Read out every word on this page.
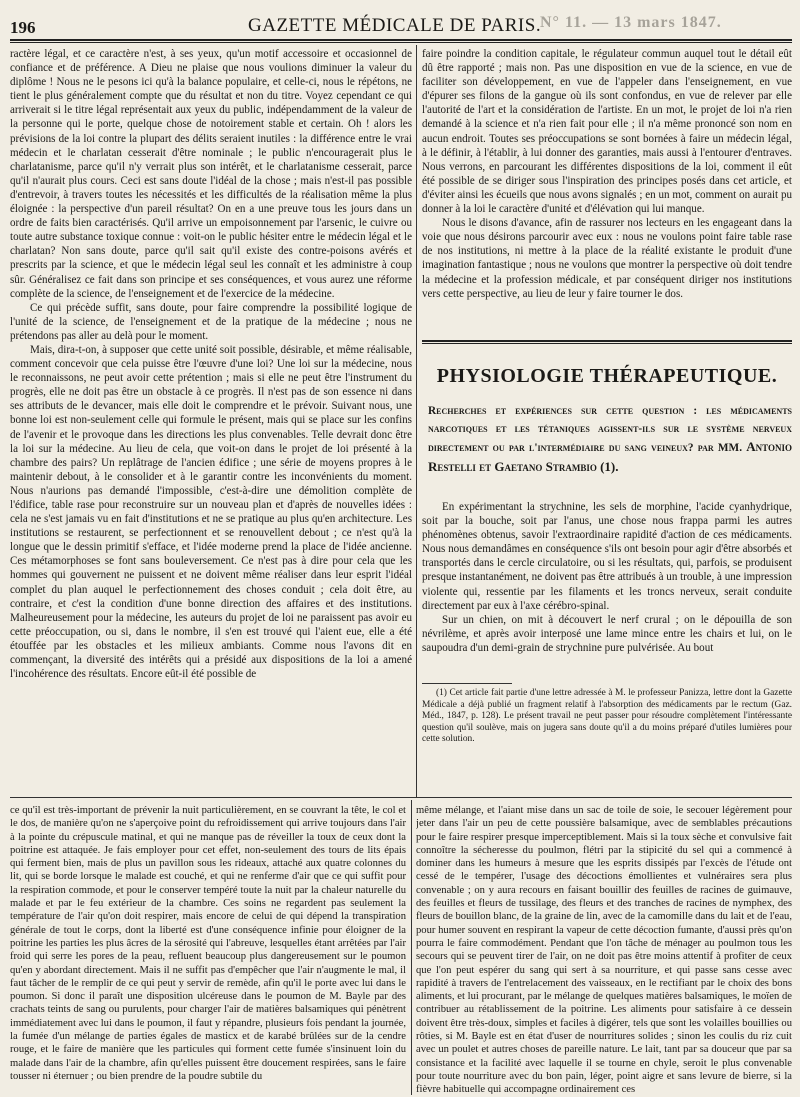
196	GAZETTE MÉDICALE DE PARIS.
N° 11. — 13 mars 1847.

ractère légal, et ce caractère n'est, à ses yeux, qu'un motif accessoire et occasionnel de confiance et de préférence. A Dieu ne plaise que nous voulions diminuer la valeur du diplôme ! Nous ne le pesons ici qu'à la balance populaire, et celle-ci, nous le répétons, ne tient le plus généralement compte que du résultat et non du titre. Voyez cependant ce qui arriverait si le titre légal représentait aux yeux du public, indépendamment de la valeur de la personne qui le porte, quelque chose de notoirement stable et certain. Oh ! alors les prévisions de la loi contre la plupart des délits seraient inutiles : la différence entre le vrai médecin et le charlatan cesserait d'être nominale ; le public n'encouragerait plus le charlatanisme, parce qu'il n'y verrait plus son intérêt, et le charlatanisme cesserait, parce qu'il n'aurait plus cours. Ceci est sans doute l'idéal de la chose ; mais n'est-il pas possible d'entrevoir, à travers toutes les nécessités et les difficultés de la réalisation même la plus éloignée : la perspective d'un pareil résultat? On en a une preuve tous les jours dans un ordre de faits bien caractérisés. Qu'il arrive un empoisonnement par l'arsenic, le cuivre ou toute autre substance toxique connue : voit-on le public hésiter entre le médecin légal et le charlatan? Non sans doute, parce qu'il sait qu'il existe des contre-poisons avérés et prescrits par la science, et que le médecin légal seul les connaît et les administre à coup sûr. Généralisez ce fait dans son principe et ses conséquences, et vous aurez une réforme complète de la science, de l'enseignement et de l'exercice de la médecine.

Ce qui précède suffit, sans doute, pour faire comprendre la possibilité logique de l'unité de la science, de l'enseignement et de la pratique de la médecine ; nous ne prétendons pas aller au delà pour le moment.

Mais, dira-t-on, à supposer que cette unité soit possible, désirable, et même réalisable, comment concevoir que cela puisse être l'œuvre d'une loi? Une loi sur la médecine, nous le reconnaissons, ne peut avoir cette prétention ; mais si elle ne peut être l'instrument du progrès, elle ne doit pas être un obstacle à ce progrès. Il n'est pas de son essence ni dans ses attributs de le devancer, mais elle doit le comprendre et le prévoir. Suivant nous, une bonne loi est non-seulement celle qui formule le présent, mais qui se place sur les confins de l'avenir et le provoque dans les directions les plus convenables. Telle devrait donc être la loi sur la médecine. Au lieu de cela, que voit-on dans le projet de loi présenté à la chambre des pairs? Un replâtrage de l'ancien édifice ; une série de moyens propres à le maintenir debout, à le consolider et à le garantir contre les inconvénients du moment. Nous n'aurions pas demandé l'impossible, c'est-à-dire une démolition complète de l'édifice, table rase pour reconstruire sur un nouveau plan et d'après de nouvelles idées : cela ne s'est jamais vu en fait d'institutions et ne se pratique au plus qu'en architecture. Les institutions se restaurent, se perfectionnent et se renouvellent debout ; ce n'est qu'à la longue que le dessin primitif s'efface, et l'idée moderne prend la place de l'idée ancienne. Ces métamorphoses se font sans bouleversement. Ce n'est pas à dire pour cela que les hommes qui gouvernent ne puissent et ne doivent même réaliser dans leur esprit l'idéal complet du plan auquel le perfectionnement des choses conduit ; cela doit être, au contraire, et c'est la condition d'une bonne direction des affaires et des institutions. Malheureusement pour la médecine, les auteurs du projet de loi ne paraissent pas avoir eu cette préoccupation, ou si, dans le nombre, il s'en est trouvé qui l'aient eue, elle a été étouffée par les obstacles et les milieux ambiants. Comme nous l'avons dit en commençant, la diversité des intérêts qui a présidé aux dispositions de la loi a amené l'incohérence des résultats. Encore eût-il été possible de

faire poindre la condition capitale, le régulateur commun auquel tout le détail eût dû être rapporté ; mais non. Pas une disposition en vue de la science, en vue de faciliter son développement, en vue de l'appeler dans l'enseignement, en vue d'épurer ses filons de la gangue où ils sont confondus, en vue de relever par elle l'autorité de l'art et la considération de l'artiste. En un mot, le projet de loi n'a rien demandé à la science et n'a rien fait pour elle ; il n'a même prononcé son nom en aucun endroit. Toutes ses préoccupations se sont bornées à faire un médecin légal, à le définir, à l'établir, à lui donner des garanties, mais aussi à l'entourer d'entraves. Nous verrons, en parcourant les différentes dispositions de la loi, comment il eût été possible de se diriger sous l'inspiration des principes posés dans cet article, et d'éviter ainsi les écueils que nous avons signalés ; en un mot, comment on aurait pu donner à la loi le caractère d'unité et d'élévation qui lui manque.

Nous le disons d'avance, afin de rassurer nos lecteurs en les engageant dans la voie que nous désirons parcourir avec eux : nous ne voulons point faire table rase de nos institutions, ni mettre à la place de la réalité existante le produit d'une imagination fantastique ; nous ne voulons que montrer la perspective où doit tendre la médecine et la profession médicale, et par conséquent diriger nos institutions vers cette perspective, au lieu de leur y faire tourner le dos.

PHYSIOLOGIE THÉRAPEUTIQUE.
Recherches et expériences sur cette question : les médicaments narcotiques et les tétaniques agissent-ils sur le système nerveux directement ou par l'intermédiaire du sang veineux? par MM. Antonio Restelli et Gaetano Strambio (1).

En expérimentant la strychnine, les sels de morphine, l'acide cyanhydrique, soit par la bouche, soit par l'anus, une chose nous frappa parmi les autres phénomènes obtenus, savoir l'extraordinaire rapidité d'action de ces médicaments. Nous nous demandâmes en conséquence s'ils ont besoin pour agir d'être absorbés et transportés dans le cercle circulatoire, ou si les résultats, qui, parfois, se produisent presque instantanément, ne doivent pas être attribués à un trouble, à une impression violente qui, ressentie par les filaments et les troncs nerveux, serait conduite directement par eux à l'axe cérébro-spinal.

Sur un chien, on mit à découvert le nerf crural ; on le dépouilla de son névrilème, et après avoir interposé une lame mince entre les chairs et lui, on le saupoudra d'un demi-grain de strychnine pure pulvérisée. Au bout

(1) Cet article fait partie d'une lettre adressée à M. le professeur Panizza, lettre dont la Gazette Médicale a déjà publié un fragment relatif à l'absorption des médicaments par le rectum (Gaz. Méd., 1847, p. 128). Le présent travail ne peut passer pour résoudre complètement l'intéressante question qu'il soulève, mais on jugera sans doute qu'il a du moins préparé d'utiles lumières pour cette solution.

ce qu'il est très-important de prévenir la nuit particulièrement, en se couvrant la tête, le col et le dos, de manière qu'on ne s'aperçoive point du refroidissement qui arrive toujours dans l'air à la pointe du crépuscule matinal, et qui ne manque pas de réveiller la toux de ceux dont la poitrine est attaquée. Je fais employer pour cet effet, non-seulement des tours de lits épais qui ferment bien, mais de plus un pavillon sous les rideaux, attaché aux quatre colonnes du lit, qui se borde lorsque le malade est couché, et qui ne renferme d'air que ce qui suffit pour la respiration commode, et pour le conserver tempéré toute la nuit par la chaleur naturelle du malade et par le feu extérieur de la chambre. Ces soins ne regardent pas seulement la température de l'air qu'on doit respirer, mais encore de celui de qui dépend la transpiration générale de tout le corps, dont la liberté est d'une conséquence infinie pour éloigner de la poitrine les parties les plus âcres de la sérosité qui l'abreuve, lesquelles étant arrêtées par l'air froid qui serre les pores de la peau, refluent beaucoup plus dangereusement sur le poumon qu'en y abordant directement. Mais il ne suffit pas d'empêcher que l'air n'augmente le mal, il faut tâcher de le remplir de ce qui peut y servir de remède, afin qu'il le porte avec lui dans le poumon. Si donc il paraît une disposition ulcéreuse dans le poumon de M. Bayle par des crachats teints de sang ou purulents, pour charger l'air de matières balsamiques qui pénètrent immédiatement avec lui dans le poumon, il faut y répandre, plusieurs fois pendant la journée, la fumée d'un mélange de parties égales de masticx et de karabé brûlées sur de la cendre rouge, et le faire de manière que les particules qui forment cette fumée s'insinuent loin du malade dans l'air de la chambre, afin qu'elles puissent être doucement respirées, sans le faire tousser ni éternuer ; ou bien prendre de la poudre subtile du

même mélange, et l'aiant mise dans un sac de toile de soie, le secouer légèrement pour jeter dans l'air un peu de cette poussière balsamique, avec de semblables précautions pour le faire respirer presque imperceptiblement. Mais si la toux sèche et convulsive fait connoître la sécheresse du poulmon, flétri par la stipicité du sel qui a commencé à dominer dans les humeurs à mesure que les esprits dissipés par l'excès de l'étude ont cessé de le tempérer, l'usage des décoctions émollientes et vulnéraires sera plus convenable ; on y aura recours en faisant bouillir des feuilles de racines de guimauve, des feuilles et fleurs de tussilage, des fleurs et des tranches de racines de nymphex, des fleurs de bouillon blanc, de la graine de lin, avec de la camomille dans du lait et de l'eau, pour humer souvent en respirant la vapeur de cette décoction fumante, d'aussi près qu'on pourra le faire commodément. Pendant que l'on tâche de ménager au poulmon tous les secours qui se peuvent tirer de l'air, on ne doit pas être moins attentif à profiter de ceux que l'on peut espérer du sang qui sert à sa nourriture, et qui passe sans cesse avec rapidité à travers de l'entrelacement des vaisseaux, en le rectifiant par le choix des bons aliments, et lui procurant, par le mélange de quelques matières balsamiques, le moïen de contribuer au rétablissement de la poitrine. Les aliments pour satisfaire à ce dessein doivent être très-doux, simples et faciles à digérer, tels que sont les volailles bouillies ou rôties, si M. Bayle est en état d'user de nourritures solides ; sinon les coulis du riz cuit avec un poulet et autres choses de pareille nature. Le lait, tant par sa douceur que par sa consistance et la facilité avec laquelle il se tourne en chyle, seroit le plus convenable pour toute nourriture avec du bon pain, léger, point aigre et sans levure de bierre, si la fièvre habituelle qui accompagne ordinairement ces
